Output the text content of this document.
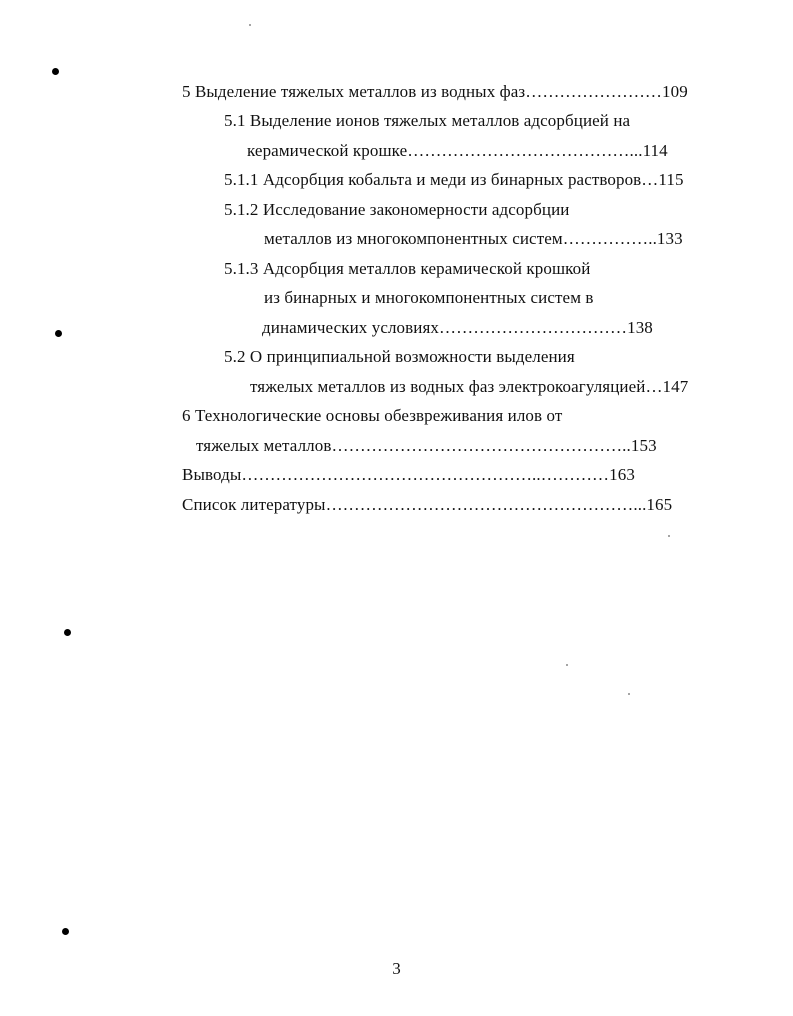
5 Выделение тяжелых металлов из водных фаз……………………109
5.1 Выделение ионов тяжелых металлов адсорбцией на
керамической крошке…………………………………...114
5.1.1 Адсорбция кобальта и меди из бинарных растворов…115
5.1.2 Исследование закономерности адсорбции
металлов из многокомпонентных систем……………..133
5.1.3 Адсорбция металлов керамической крошкой
из бинарных и многокомпонентных систем в
динамических условиях……………………………138
5.2 О принципиальной возможности выделения
тяжелых металлов из водных фаз электрокоагуляцией…147
6 Технологические основы обезвреживания илов от
тяжелых металлов……………………………………………..153
Выводы……………………………………………..…………163
Список литературы………………………………………………...165
3
